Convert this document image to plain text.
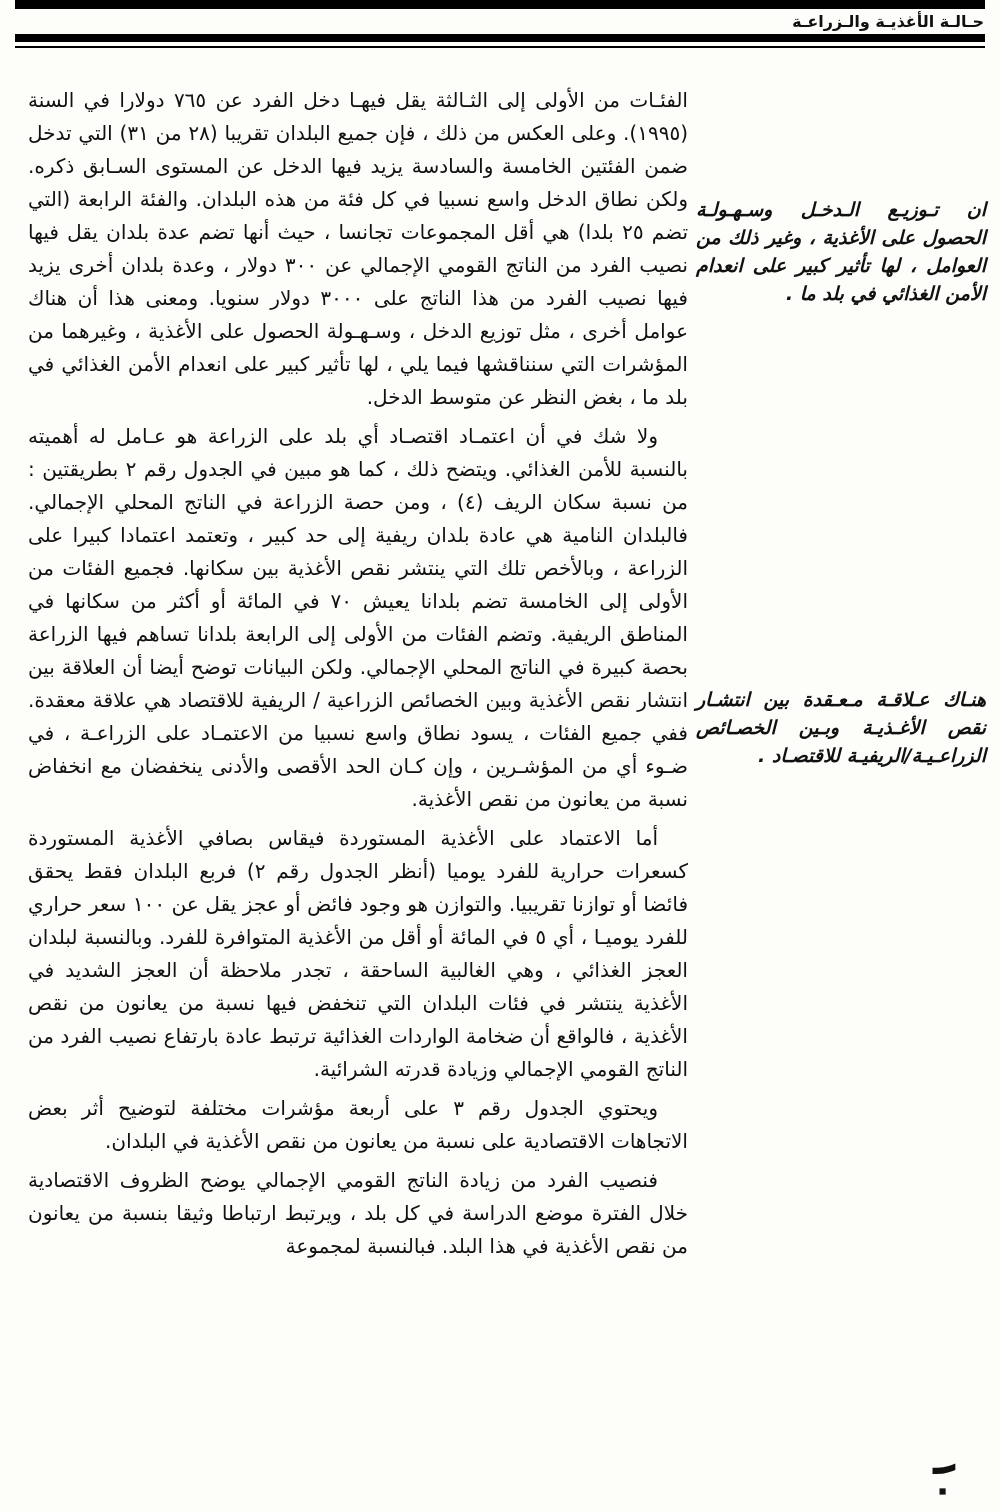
حـالـة الأغذيـة والـزراعـة

الفئـات من الأولى إلى الثـالثة يقل فيهـا دخل الفرد عن ٧٦٥ دولارا في السنة (١٩٩٥). وعلى العكس من ذلك ، فإن جميع البلدان تقريبا (٢٨ من ٣١) التي تدخل ضمن الفئتين الخامسة والسادسة يزيد فيها الدخل عن المستوى السـابق ذكره. ولكن نطاق الدخل واسع نسبيا في كل فئة من هذه البلدان. والفئة الرابعة (التي تضم ٢٥ بلدا) هي أقل المجموعات تجانسا ، حيث أنها تضم عدة بلدان يقل فيها نصيب الفرد من الناتج القومي الإجمالي عن ٣٠٠ دولار ، وعدة بلدان أخرى يزيد فيها نصيب الفرد من هذا الناتج على ٣٠٠٠ دولار سنويا. ومعنى هذا أن هناك عوامل أخرى ، مثل توزيع الدخل ، وسـهـولة الحصول على الأغذية ، وغيرهما من المؤشرات التي سنناقشها فيما يلي ، لها تأثير كبير على انعدام الأمن الغذائي في بلد ما ، بغض النظر عن متوسط الدخل.

ولا شك في أن اعتمـاد اقتصـاد أي بلد على الزراعة هو عـامل له أهميته بالنسبة للأمن الغذائي. ويتضح ذلك ، كما هو مبين في الجدول رقم ٢ بطريقتين : من نسبة سكان الريف (٤) ، ومن حصة الزراعة في الناتج المحلي الإجمالي. فالبلدان النامية هي عادة بلدان ريفية إلى حد كبير ، وتعتمد اعتمادا كبيرا على الزراعة ، وبالأخص تلك التي ينتشر نقص الأغذية بين سكانها. فجميع الفئات من الأولى إلى الخامسة تضم بلدانا يعيش ٧٠ في المائة أو أكثر من سكانها في المناطق الريفية. وتضم الفئات من الأولى إلى الرابعة بلدانا تساهم فيها الزراعة بحصة كبيرة في الناتج المحلي الإجمالي. ولكن البيانات توضح أيضا أن العلاقة بين انتشار نقص الأغذية وبين الخصائص الزراعية / الريفية للاقتصاد هي علاقة معقدة. ففي جميع الفئات ، يسود نطاق واسع نسبيا من الاعتمـاد على الزراعـة ، في ضـوء أي من المؤشـرين ، وإن كـان الحد الأقصى والأدنى ينخفضان مع انخفاض نسبة من يعانون من نقص الأغذية.

أما الاعتماد على الأغذية المستوردة فيقاس بصافي الأغذية المستوردة كسعرات حرارية للفرد يوميا (أنظر الجدول رقم ٢) فربع البلدان فقط يحقق فائضا أو توازنا تقريبيا. والتوازن هو وجود فائض أو عجز يقل عن ١٠٠ سعر حراري للفرد يوميـا ، أي ٥ في المائة أو أقل من الأغذية المتوافرة للفرد. وبالنسبة لبلدان العجز الغذائي ، وهي الغالبية الساحقة ، تجدر ملاحظة أن العجز الشديد في الأغذية ينتشر في فئات البلدان التي تنخفض فيها نسبة من يعانون من نقص الأغذية ، فالواقع أن ضخامة الواردات الغذائية ترتبط عادة بارتفاع نصيب الفرد من الناتج القومي الإجمالي وزيادة قدرته الشرائية.

ويحتوي الجدول رقم ٣ على أربعة مؤشرات مختلفة لتوضيح أثر بعض الاتجاهات الاقتصادية على نسبة من يعانون من نقص الأغذية في البلدان.

فنصيب الفرد من زيادة الناتج القومي الإجمالي يوضح الظروف الاقتصادية خلال الفترة موضع الدراسة في كل بلد ، ويرتبط ارتباطا وثيقا بنسبة من يعانون من نقص الأغذية في هذا البلد. فبالنسبة لمجموعة

ان تـوزيـع الـدخـل وسـهـولـة الحصول على الأغذية ، وغير ذلك من العوامل ، لها تأثير كبير على انعدام الأمن الغذائي في بلد ما .
هنـاك عـلاقـة مـعـقدة بين انتشـار نقص الأغـذيـة وبـين الخصـائص الزراعـيـة/الريفيـة للاقتصـاد .
١٠
